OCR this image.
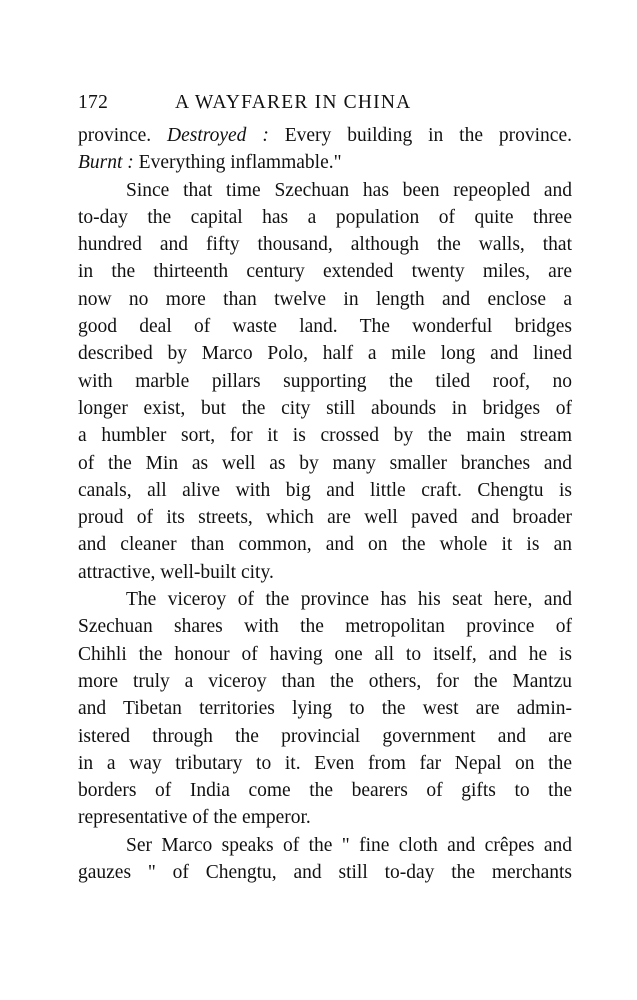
172	A WAYFARER IN CHINA
province. Destroyed : Every building in the province.
Burnt : Everything inflammable."
Since that time Szechuan has been repeopled and
to-day the capital has a population of quite three
hundred and fifty thousand, although the walls, that
in the thirteenth century extended twenty miles, are
now no more than twelve in length and enclose a
good deal of waste land. The wonderful bridges
described by Marco Polo, half a mile long and lined
with marble pillars supporting the tiled roof, no
longer exist, but the city still abounds in bridges of
a humbler sort, for it is crossed by the main stream
of the Min as well as by many smaller branches and
canals, all alive with big and little craft. Chengtu is
proud of its streets, which are well paved and broader
and cleaner than common, and on the whole it is an
attractive, well-built city.
The viceroy of the province has his seat here, and
Szechuan shares with the metropolitan province of
Chihli the honour of having one all to itself, and he is
more truly a viceroy than the others, for the Mantzu
and Tibetan territories lying to the west are admin-
istered through the provincial government and are
in a way tributary to it. Even from far Nepal on the
borders of India come the bearers of gifts to the
representative of the emperor.
Ser Marco speaks of the " fine cloth and crêpes and
gauzes " of Chengtu, and still to-day the merchants
